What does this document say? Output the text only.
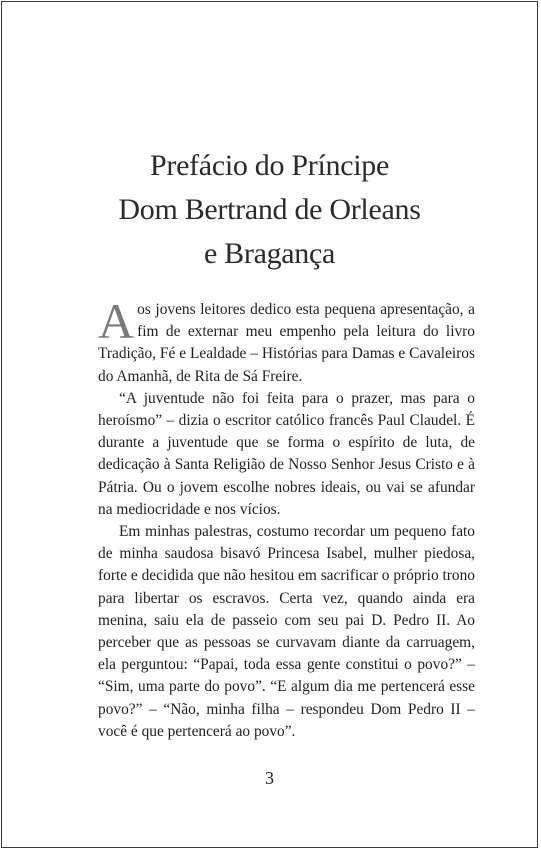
Prefácio do Príncipe
Dom Bertrand de Orleans
e Bragança

A os jovens leitores dedico esta pequena apresentação, a fim de externar meu empenho pela leitura do livro Tradição, Fé e Lealdade – Histórias para Damas e Cavaleiros do Amanhã, de Rita de Sá Freire.

“A juventude não foi feita para o prazer, mas para o heroísmo” – dizia o escritor católico francês Paul Claudel. É durante a juventude que se forma o espírito de luta, de dedicação à Santa Religião de Nosso Senhor Jesus Cristo e à Pátria. Ou o jovem escolhe nobres ideais, ou vai se afundar na mediocridade e nos vícios.

Em minhas palestras, costumo recordar um pequeno fato de minha saudosa bisavó Princesa Isabel, mulher piedosa, forte e decidida que não hesitou em sacrificar o próprio trono para libertar os escravos. Certa vez, quando ainda era menina, saiu ela de passeio com seu pai D. Pedro II. Ao perceber que as pessoas se curvavam diante da carruagem, ela perguntou: “Papai, toda essa gente constitui o povo?” – “Sim, uma parte do povo”. “E algum dia me pertencerá esse povo?” – “Não, minha filha – respondeu Dom Pedro II – você é que pertencerá ao povo”.

3
